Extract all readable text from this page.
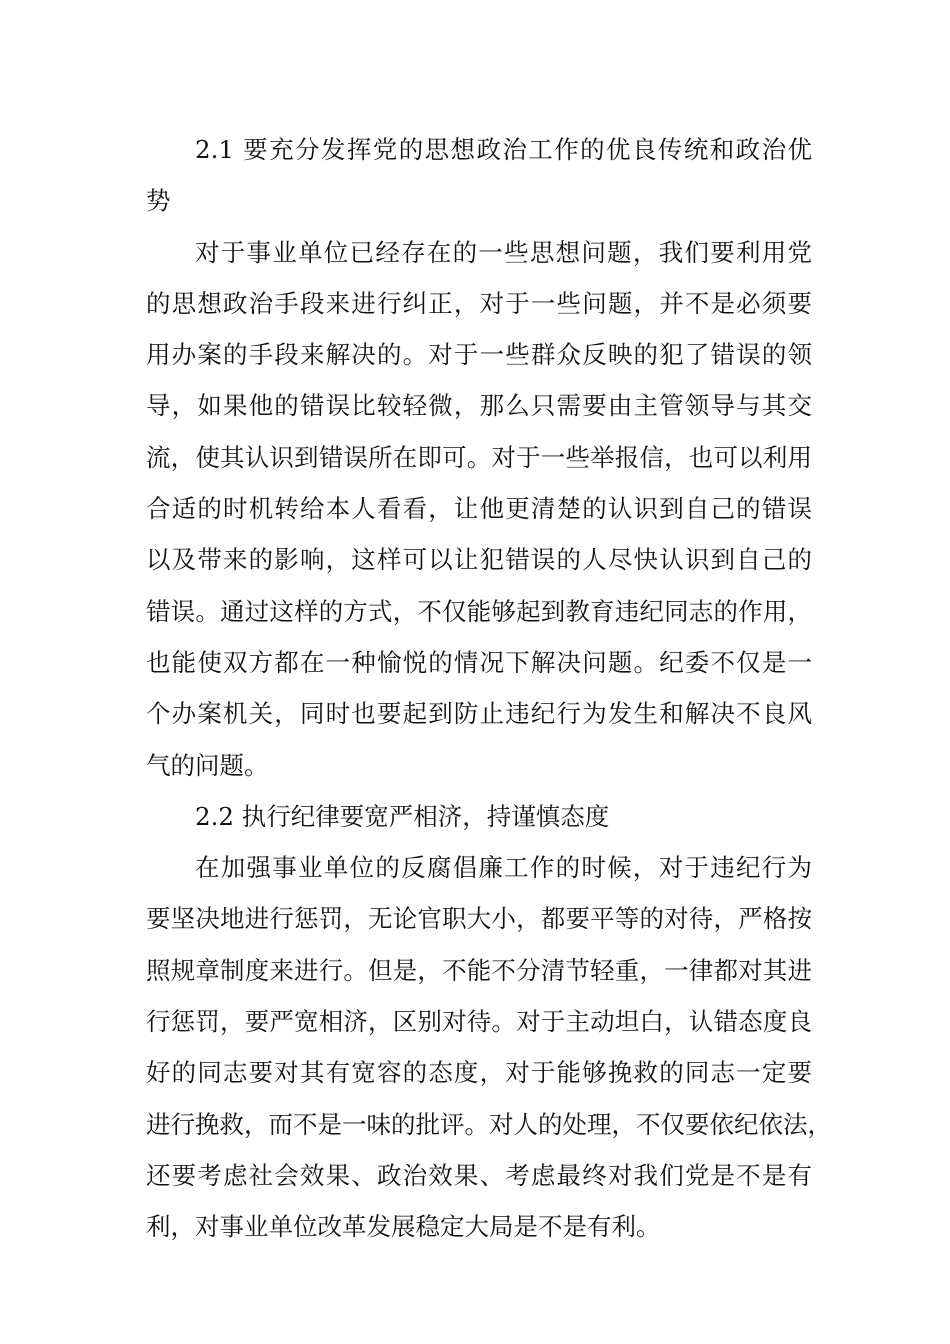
2.1 要充分发挥党的思想政治工作的优良传统和政治优
势
对于事业单位已经存在的一些思想问题，我们要利用党
的思想政治手段来进行纠正，对于一些问题，并不是必须要
用办案的手段来解决的。对于一些群众反映的犯了错误的领
导，如果他的错误比较轻微，那么只需要由主管领导与其交
流，使其认识到错误所在即可。对于一些举报信，也可以利用
合适的时机转给本人看看，让他更清楚的认识到自己的错误
以及带来的影响，这样可以让犯错误的人尽快认识到自己的
错误。通过这样的方式，不仅能够起到教育违纪同志的作用，
也能使双方都在一种愉悦的情况下解决问题。纪委不仅是一
个办案机关，同时也要起到防止违纪行为发生和解决不良风
气的问题。
2.2 执行纪律要宽严相济，持谨慎态度
在加强事业单位的反腐倡廉工作的时候，对于违纪行为
要坚决地进行惩罚，无论官职大小，都要平等的对待，严格按
照规章制度来进行。但是，不能不分清节轻重，一律都对其进
行惩罚，要严宽相济，区别对待。对于主动坦白，认错态度良
好的同志要对其有宽容的态度，对于能够挽救的同志一定要
进行挽救，而不是一味的批评。对人的处理，不仅要依纪依法，
还要考虑社会效果、政治效果、考虑最终对我们党是不是有
利，对事业单位改革发展稳定大局是不是有利。
